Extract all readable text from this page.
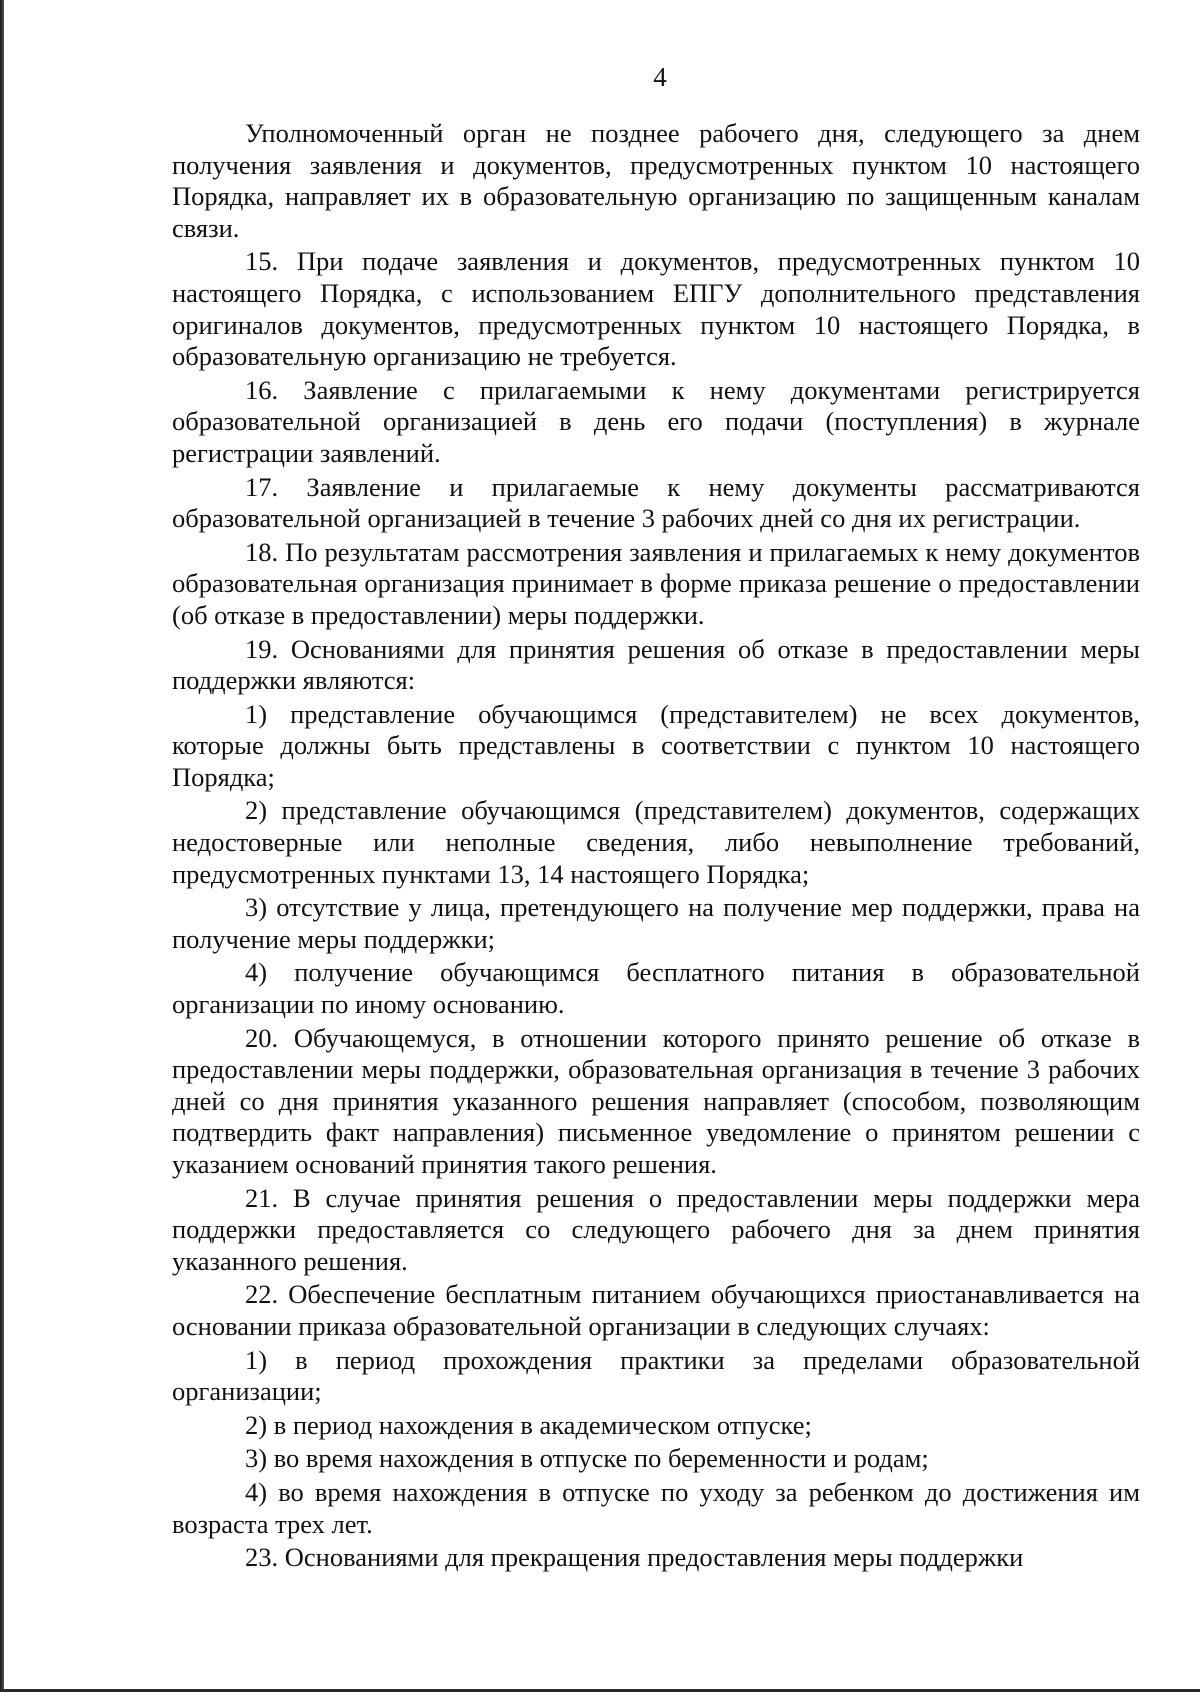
4

Уполномоченный орган не позднее рабочего дня, следующего за днем получения заявления и документов, предусмотренных пунктом 10 настоящего Порядка, направляет их в образовательную организацию по защищенным каналам связи.

15. При подаче заявления и документов, предусмотренных пунктом 10 настоящего Порядка, с использованием ЕПГУ дополнительного представления оригиналов документов, предусмотренных пунктом 10 настоящего Порядка, в образовательную организацию не требуется.

16. Заявление с прилагаемыми к нему документами регистрируется образовательной организацией в день его подачи (поступления) в журнале регистрации заявлений.

17. Заявление и прилагаемые к нему документы рассматриваются образовательной организацией в течение 3 рабочих дней со дня их регистрации.

18. По результатам рассмотрения заявления и прилагаемых к нему документов образовательная организация принимает в форме приказа решение о предоставлении (об отказе в предоставлении) меры поддержки.

19. Основаниями для принятия решения об отказе в предоставлении меры поддержки являются:

1) представление обучающимся (представителем) не всех документов, которые должны быть представлены в соответствии с пунктом 10 настоящего Порядка;

2) представление обучающимся (представителем) документов, содержащих недостоверные или неполные сведения, либо невыполнение требований, предусмотренных пунктами 13, 14 настоящего Порядка;

3) отсутствие у лица, претендующего на получение мер поддержки, права на получение меры поддержки;

4) получение обучающимся бесплатного питания в образовательной организации по иному основанию.

20. Обучающемуся, в отношении которого принято решение об отказе в предоставлении меры поддержки, образовательная организация в течение 3 рабочих дней со дня принятия указанного решения направляет (способом, позволяющим подтвердить факт направления) письменное уведомление о принятом решении с указанием оснований принятия такого решения.

21. В случае принятия решения о предоставлении меры поддержки мера поддержки предоставляется со следующего рабочего дня за днем принятия указанного решения.

22. Обеспечение бесплатным питанием обучающихся приостанавливается на основании приказа образовательной организации в следующих случаях:

1) в период прохождения практики за пределами образовательной организации;

2) в период нахождения в академическом отпуске;

3) во время нахождения в отпуске по беременности и родам;

4) во время нахождения в отпуске по уходу за ребенком до достижения им возраста трех лет.

23. Основаниями для прекращения предоставления меры поддержки
